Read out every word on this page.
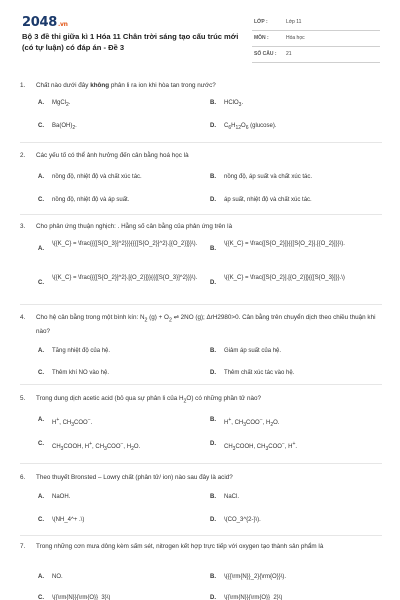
2048.vn
Bộ 3 đề thi giữa kì 1 Hóa 11 Chân trời sáng tạo cấu trúc mới (có tự luận) có đáp án - Đề 3
LỚP :	Lớp 11
MÔN :	Hóa học
SỐ CÂU : 21
1. Chất nào dưới đây không phân li ra ion khi hòa tan trong nước?
A. MgCl$_2$.	B. HClO$_3$.
C. $Ba(OH)_2$.	D. $C_6H_{12}O_6$ (glucose).
2. Các yếu tố có thể ảnh hưởng đến cân bằng hoá học là
A. nồng độ, nhiệt độ và chất xúc tác.	B. nồng độ, áp suất và chất xúc tác.
C. nồng độ, nhiệt độ và áp suất.	D. áp suất, nhiệt độ và chất xúc tác.
3. Cho phản ứng thuận nghịch: . Hằng số cân bằng của phản ứng trên là
A.
\({K_C} = \frac{{{[S{O_3}]^2}}}{{{[S{O_2}]^2}.[{O_2}]}}\).
B.
\({K_C} = \frac{[S{O_2}]}{{[S{O_2}].[{O_2}]}}\).
C.
\({K_C} = \frac{{{[S{O_2}]^2}.[{O_2}]}}{{{[S{O_3}]^2}}}\).
D.
\({K_C} = \frac{[S{O_2}].[{O_2}]}{{[S{O_3}]}}.\)
4. Cho hệ cân bằng trong một bình kín: $N_2$ $(g) + O_2$ ⇌ 2NO (g); ΔrH2980>0. Cân bằng trên chuyển dịch theo chiều thuận khi nào?
A. Tăng nhiệt độ của hệ.	B. Giảm áp suất của hệ.
C. Thêm khí NO vào hệ.	D. Thêm chất xúc tác vào hệ.
5. Trong dung dịch acetic acid (bỏ qua sự phân li của $H_2O$) có những phần tử nào?
A. H+, $CH_3COO^-$.	B. H+, $CH_3COO^-$, $H_2O$.
C. $CH_3COOH$, H+, $CH_3COO^-$, $H_2O$.	D. $CH_3COOH$, $CH_3COO^-$, H+.
6. Theo thuyết Bronsted – Lowry chất (phân tử/ ion) nào sau đây là acid?
A. NaOH.	B. NaCl.
C. \(NH_4^+ .\)	D. \(CO_3^{2-}\).
7. Trong những cơn mưa dông kèm sấm sét, nitrogen kết hợp trực tiếp với oxygen tạo thành sản phẩm là
A. NO.	B. \({{\rm{N}}_2}{\rm{O}}\).
C. \({\rm{N}}{\rm{O}}_3}\)	D. \({\rm{N}}{\rm{O}}_2}\)
